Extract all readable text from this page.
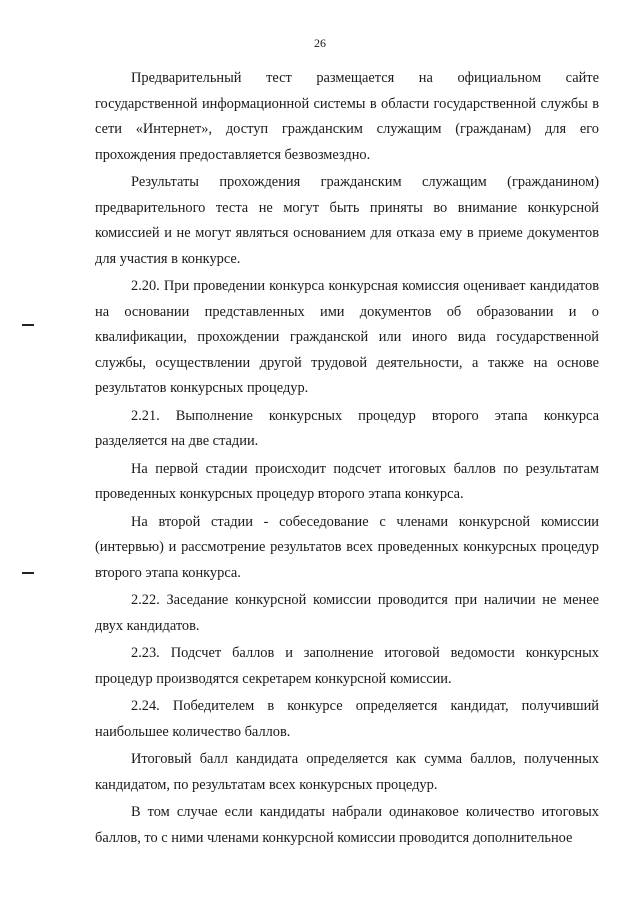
26

Предварительный тест размещается на официальном сайте государственной информационной системы в области государственной службы в сети «Интернет», доступ гражданским служащим (гражданам) для его прохождения предоставляется безвозмездно.

Результаты прохождения гражданским служащим (гражданином) предварительного теста не могут быть приняты во внимание конкурсной комиссией и не могут являться основанием для отказа ему в приеме документов для участия в конкурсе.

2.20. При проведении конкурса конкурсная комиссия оценивает кандидатов на основании представленных ими документов об образовании и о квалификации, прохождении гражданской или иного вида государственной службы, осуществлении другой трудовой деятельности, а также на основе результатов конкурсных процедур.

2.21. Выполнение конкурсных процедур второго этапа конкурса разделяется на две стадии.

На первой стадии происходит подсчет итоговых баллов по результатам проведенных конкурсных процедур второго этапа конкурса.

На второй стадии - собеседование с членами конкурсной комиссии (интервью) и рассмотрение результатов всех проведенных конкурсных процедур второго этапа конкурса.

2.22. Заседание конкурсной комиссии проводится при наличии не менее двух кандидатов.

2.23. Подсчет баллов и заполнение итоговой ведомости конкурсных процедур производятся секретарем конкурсной комиссии.

2.24. Победителем в конкурсе определяется кандидат, получивший наибольшее количество баллов.

Итоговый балл кандидата определяется как сумма баллов, полученных кандидатом, по результатам всех конкурсных процедур.

В том случае если кандидаты набрали одинаковое количество итоговых баллов, то с ними членами конкурсной комиссии проводится дополнительное
